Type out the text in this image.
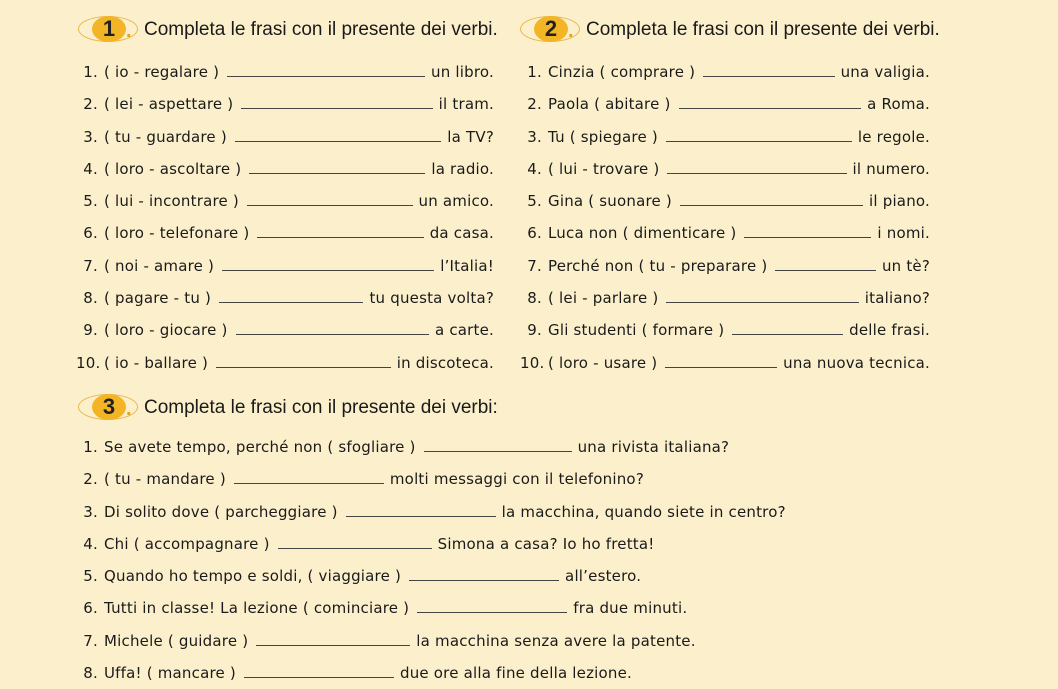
1 . Completa le frasi con il presente dei verbi.	2 . Completa le frasi con il presente dei verbi.
1. ( io - regalare )	un libro.
2. ( lei - aspettare )	il tram.
3. ( tu - guardare )	la TV?
4. ( loro - ascoltare )	la radio.
5. ( lui - incontrare )	un amico.
6. ( loro - telefonare )	da casa.
7. ( noi - amare )	l’Italia!
8. ( pagare - tu )	tu questa volta?
9. ( loro - giocare )	a carte.
10. ( io - ballare )	in discoteca.
1. Cinzia ( comprare )	una valigia.
2. Paola ( abitare )	a Roma.
3. Tu ( spiegare )	le regole.
4. ( lui - trovare )	il numero.
5. Gina ( suonare )	il piano.
6. Luca non ( dimenticare )	i nomi.
7. Perché non ( tu - preparare )	un tè?
8. ( lei - parlare )	italiano?
9. Gli studenti ( formare )	delle frasi.
10. ( loro - usare )	una nuova tecnica.
3 . Completa le frasi con il presente dei verbi:
1. Se avete tempo, perché non ( sfogliare )	una rivista italiana?
2. ( tu - mandare )	molti messaggi con il telefonino?
3. Di solito dove ( parcheggiare )	la macchina, quando siete in centro?
4. Chi ( accompagnare )	Simona a casa? Io ho fretta!
5. Quando ho tempo e soldi, ( viaggiare )	all’estero.
6. Tutti in classe! La lezione ( cominciare )	fra due minuti.
7. Michele ( guidare )	la macchina senza avere la patente.
8. Uffa! ( mancare )	due ore alla fine della lezione.
